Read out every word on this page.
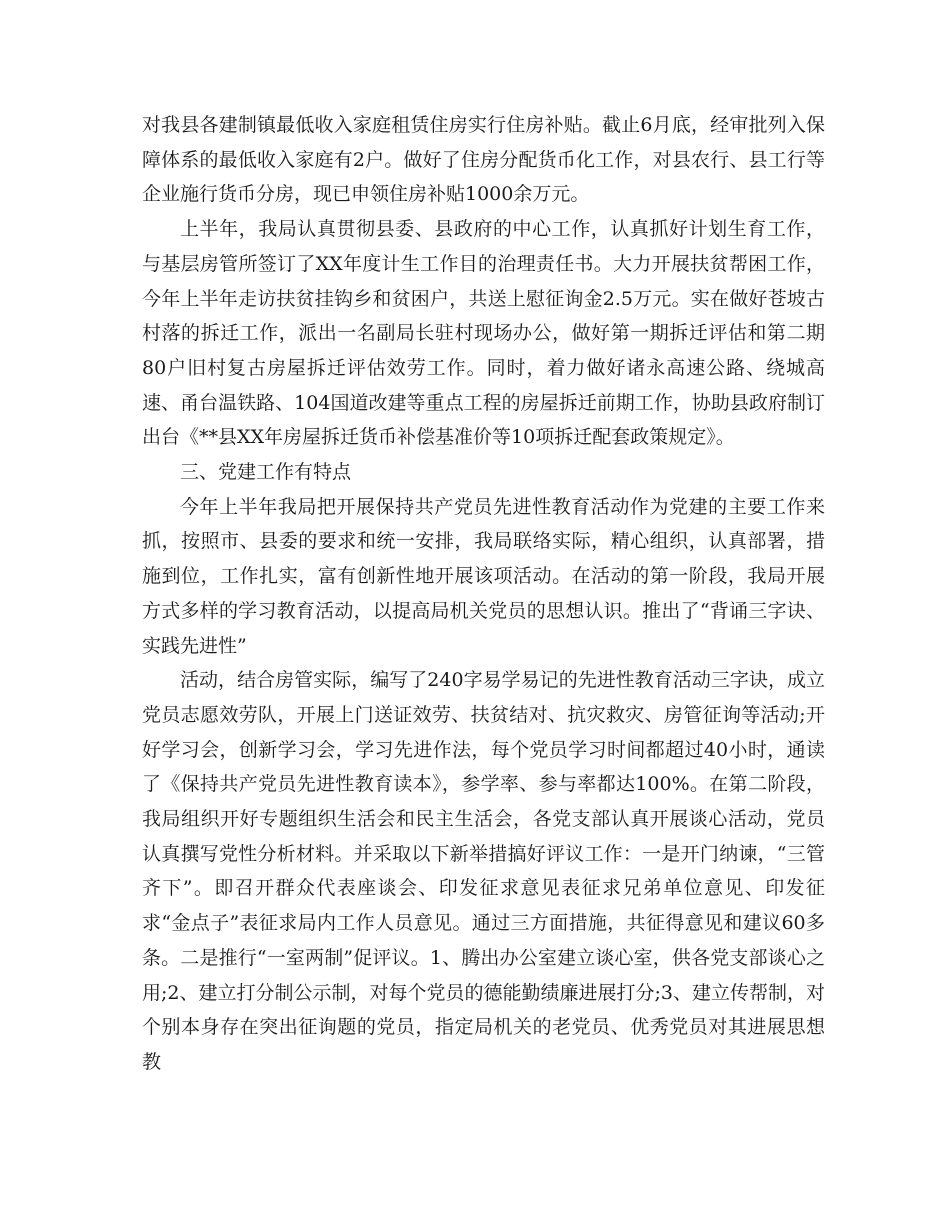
对我县各建制镇最低收入家庭租赁住房实行住房补贴。截止6月底，经审批列入保障体系的最低收入家庭有2户。做好了住房分配货币化工作，对县农行、县工行等企业施行货币分房，现已申领住房补贴1000余万元。

上半年，我局认真贯彻县委、县政府的中心工作，认真抓好计划生育工作，与基层房管所签订了XX年度计生工作目的治理责任书。大力开展扶贫帮困工作，今年上半年走访扶贫挂钩乡和贫困户，共送上慰征询金2.5万元。实在做好苍坡古村落的拆迁工作，派出一名副局长驻村现场办公，做好第一期拆迁评估和第二期80户旧村复古房屋拆迁评估效劳工作。同时，着力做好诸永高速公路、绕城高速、甬台温铁路、104国道改建等重点工程的房屋拆迁前期工作，协助县政府制订出台《**县XX年房屋拆迁货币补偿基准价等10项拆迁配套政策规定》。

三、党建工作有特点

今年上半年我局把开展保持共产党员先进性教育活动作为党建的主要工作来抓，按照市、县委的要求和统一安排，我局联络实际，精心组织，认真部署，措施到位，工作扎实，富有创新性地开展该项活动。在活动的第一阶段，我局开展方式多样的学习教育活动，以提高局机关党员的思想认识。推出了“背诵三字诀、实践先进性”

活动，结合房管实际，编写了240字易学易记的先进性教育活动三字诀，成立党员志愿效劳队，开展上门送证效劳、扶贫结对、抗灾救灾、房管征询等活动;开好学习会，创新学习会，学习先进作法，每个党员学习时间都超过40小时，通读了《保持共产党员先进性教育读本》，参学率、参与率都达100%。在第二阶段，我局组织开好专题组织生活会和民主生活会，各党支部认真开展谈心活动，党员认真撰写党性分析材料。并采取以下新举措搞好评议工作：一是开门纳谏，“三管齐下”。即召开群众代表座谈会、印发征求意见表征求兄弟单位意见、印发征求“金点子”表征求局内工作人员意见。通过三方面措施，共征得意见和建议60多条。二是推行“一室两制”促评议。1、腾出办公室建立谈心室，供各党支部谈心之用;2、建立打分制公示制，对每个党员的德能勤绩廉进展打分;3、建立传帮制，对个别本身存在突出征询题的党员，指定局机关的老党员、优秀党员对其进展思想教
